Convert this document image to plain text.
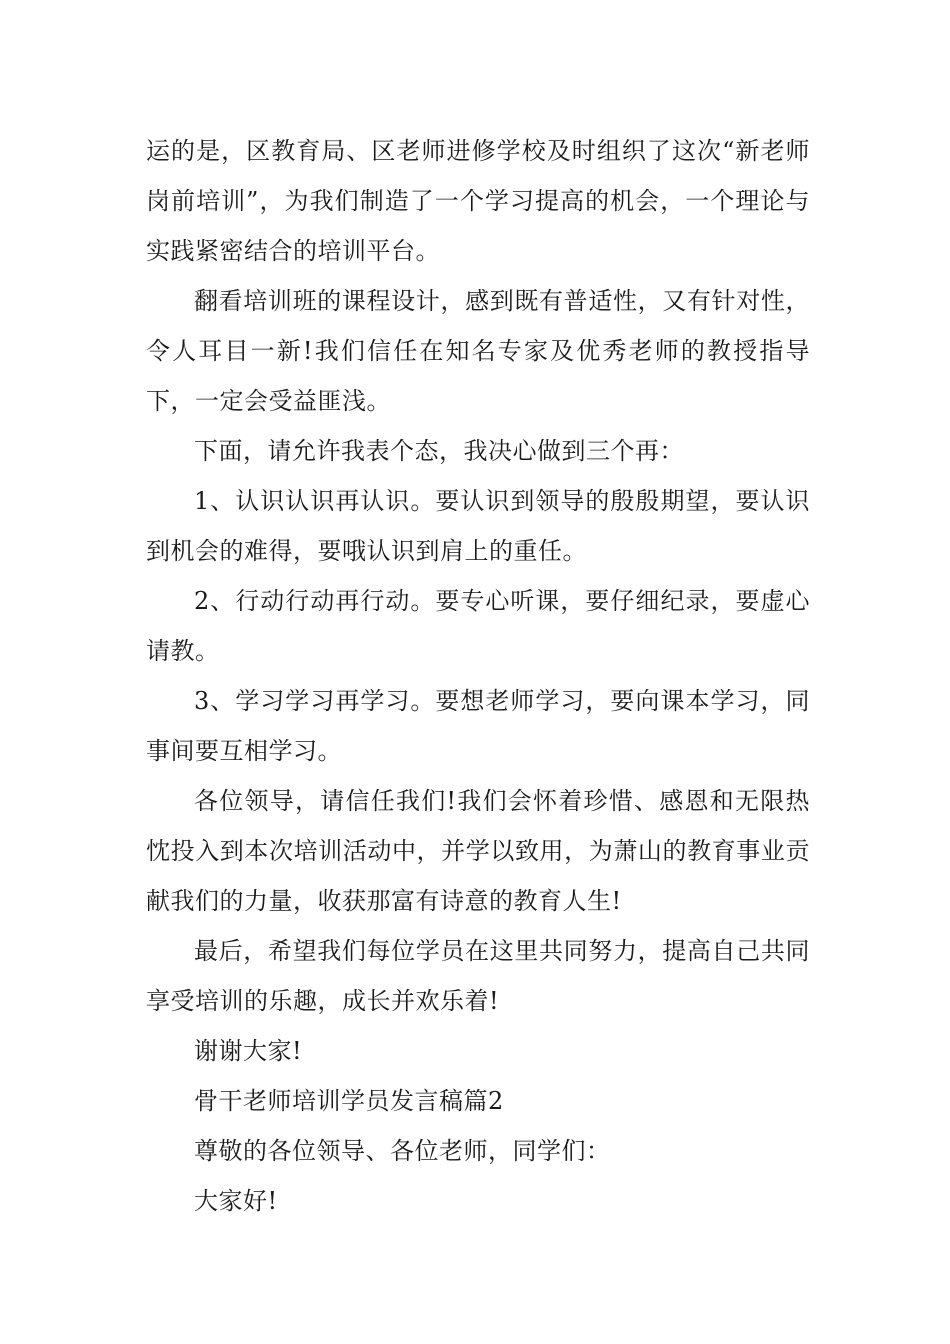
运的是，区教育局、区老师进修学校及时组织了这次“新老师岗前培训”，为我们制造了一个学习提高的机会，一个理论与实践紧密结合的培训平台。

翻看培训班的课程设计，感到既有普适性，又有针对性，令人耳目一新!我们信任在知名专家及优秀老师的教授指导下，一定会受益匪浅。

下面，请允许我表个态，我决心做到三个再：

1、认识认识再认识。要认识到领导的殷殷期望，要认识到机会的难得，要哦认识到肩上的重任。

2、行动行动再行动。要专心听课，要仔细纪录，要虚心请教。

3、学习学习再学习。要想老师学习，要向课本学习，同事间要互相学习。

各位领导，请信任我们!我们会怀着珍惜、感恩和无限热忱投入到本次培训活动中，并学以致用，为萧山的教育事业贡献我们的力量，收获那富有诗意的教育人生!

最后，希望我们每位学员在这里共同努力，提高自己共同享受培训的乐趣，成长并欢乐着!

谢谢大家!

骨干老师培训学员发言稿篇2

尊敬的各位领导、各位老师，同学们：

大家好!
